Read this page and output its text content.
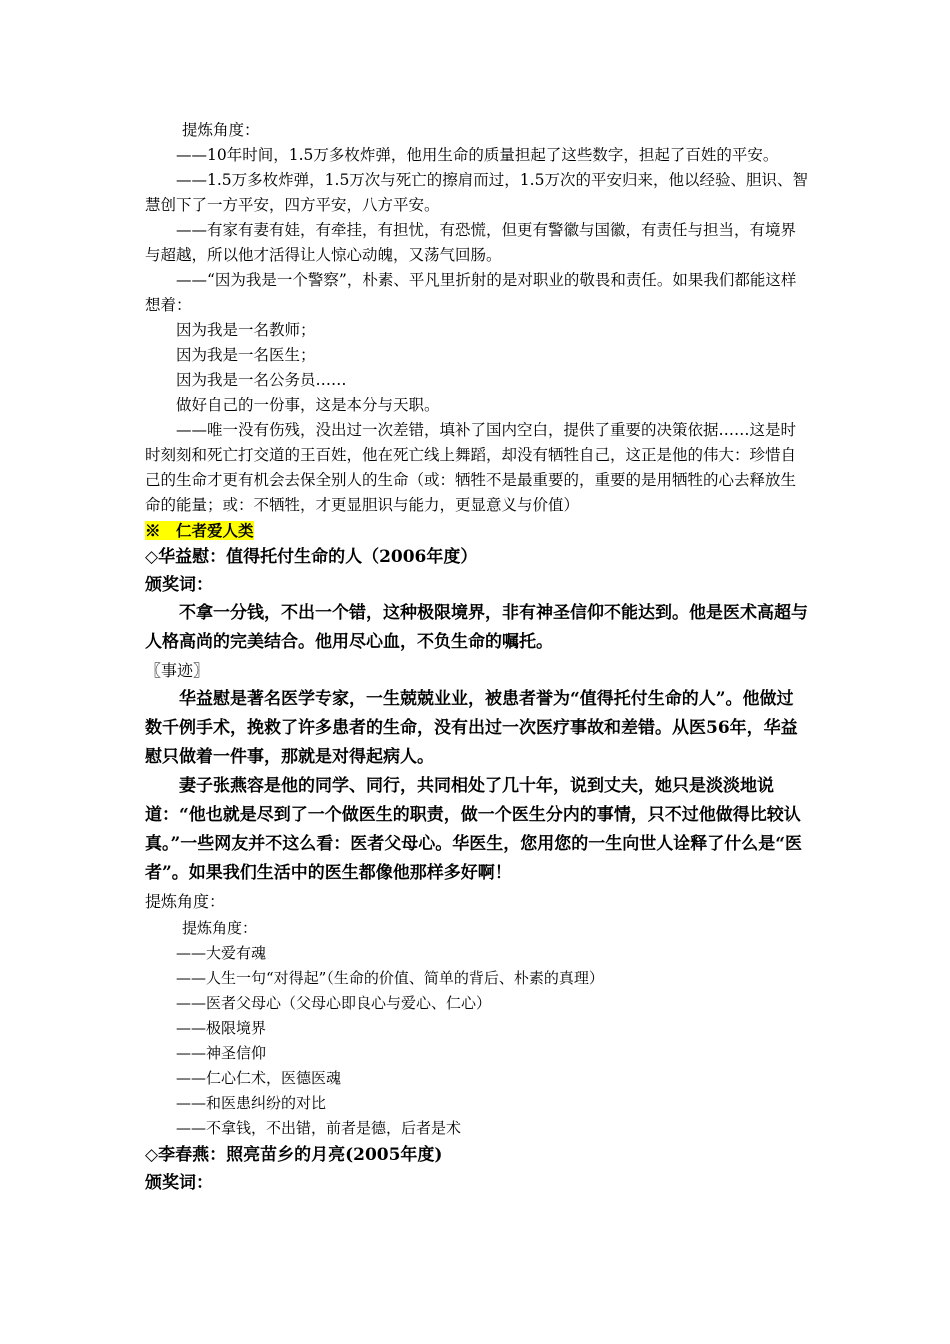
提炼角度：

——10年时间，1.5万多枚炸弹，他用生命的质量担起了这些数字，担起了百姓的平安。

——1.5万多枚炸弹，1.5万次与死亡的擦肩而过，1.5万次的平安归来，他以经验、胆识、智慧创下了一方平安，四方平安，八方平安。

——有家有妻有娃，有牵挂，有担忧，有恐慌，但更有警徽与国徽，有责任与担当，有境界与超越，所以他才活得让人惊心动魄，又荡气回肠。

——“因为我是一个警察”，朴素、平凡里折射的是对职业的敬畏和责任。如果我们都能这样想着：

因为我是一名教师；

因为我是一名医生；

因为我是一名公务员……

做好自己的一份事，这是本分与天职。

——唯一没有伤残，没出过一次差错，填补了国内空白，提供了重要的决策依据……这是时时刻刻和死亡打交道的王百姓，他在死亡线上舞蹈，却没有牺牲自己，这正是他的伟大：珍惜自己的生命才更有机会去保全别人的生命（或：牺牲不是最重要的，重要的是用牺牲的心去释放生命的能量；或：不牺牲，才更显胆识与能力，更显意义与价值）

※　仁者爱人类

◇华益慰：值得托付生命的人（2006年度）

颁奖词：

不拿一分钱，不出一个错，这种极限境界，非有神圣信仰不能达到。他是医术高超与人格高尚的完美结合。他用尽心血，不负生命的嘱托。

〖事迹〗

华益慰是著名医学专家，一生兢兢业业，被患者誉为“值得托付生命的人”。他做过数千例手术，挽救了许多患者的生命，没有出过一次医疗事故和差错。从医56年，华益慰只做着一件事，那就是对得起病人。

妻子张燕容是他的同学、同行，共同相处了几十年，说到丈夫，她只是淡淡地说道：“他也就是尽到了一个做医生的职责，做一个医生分内的事情，只不过他做得比较认真。”一些网友并不这么看：医者父母心。华医生，您用您的一生向世人诠释了什么是“医者”。如果我们生活中的医生都像他那样多好啊！

提炼角度：

提炼角度：

——大爱有魂

——人生一句“对得起”（生命的价值、简单的背后、朴素的真理）

——医者父母心（父母心即良心与爱心、仁心）

——极限境界

——神圣信仰

——仁心仁术，医德医魂

——和医患纠纷的对比

——不拿钱，不出错，前者是德，后者是术

◇李春燕：照亮苗乡的月亮(2005年度)

颁奖词：
